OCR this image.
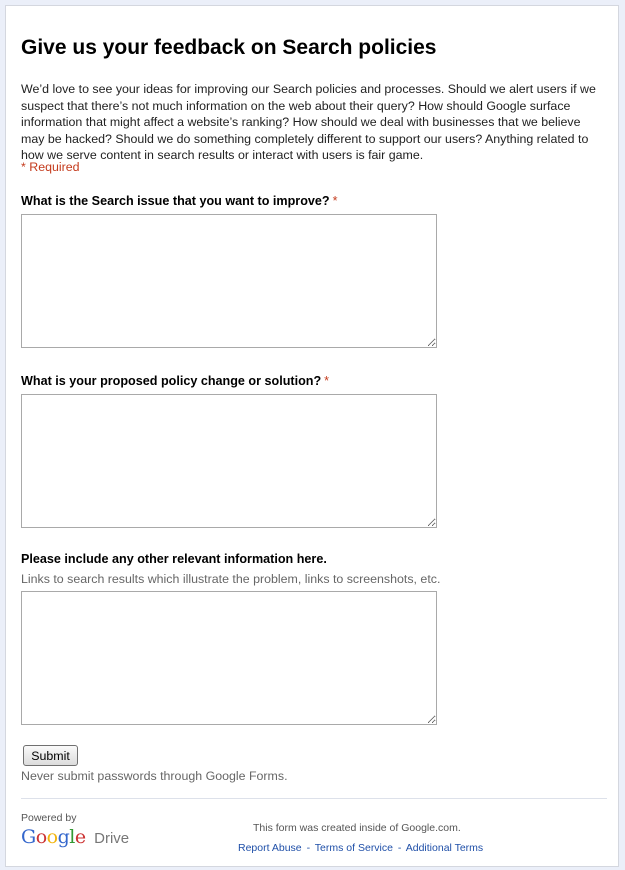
Give us your feedback on Search policies
We’d love to see your ideas for improving our Search policies and processes. Should we alert users if we suspect that there’s not much information on the web about their query? How should Google surface information that might affect a website’s ranking? How should we deal with businesses that we believe may be hacked? Should we do something completely different to support our users? Anything related to how we serve content in search results or interact with users is fair game.
* Required
What is the Search issue that you want to improve? *
What is your proposed policy change or solution? *
Please include any other relevant information here.
Links to search results which illustrate the problem, links to screenshots, etc.
Submit
Never submit passwords through Google Forms.
Powered by
Google Drive
This form was created inside of Google.com.
Report Abuse - Terms of Service - Additional Terms
